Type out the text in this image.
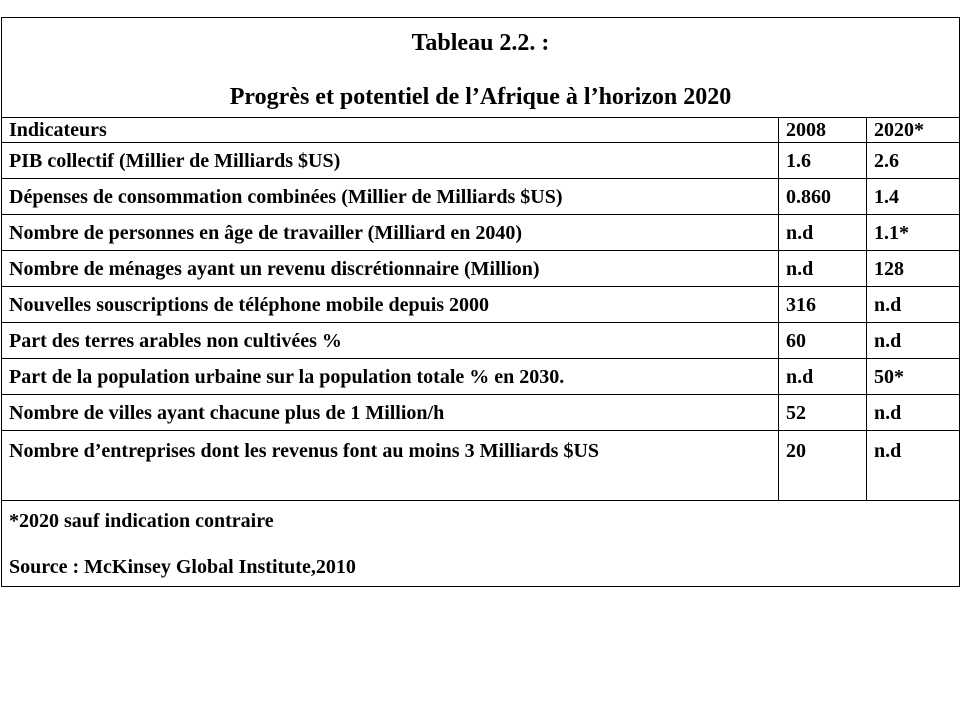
Tableau 2.2. :
Progrès et potentiel de l’Afrique à l’horizon 2020		

Indicateurs	2008	2020*
PIB collectif (Millier de Milliards $US)	1.6	2.6
Dépenses de consommation combinées (Millier de Milliards $US)	0.860	1.4
Nombre de personnes en âge de travailler (Milliard en 2040)	n.d	1.1*
Nombre de ménages ayant un revenu discrétionnaire (Million)	n.d	128
Nouvelles souscriptions de téléphone mobile depuis 2000	316	n.d
Part des terres arables non cultivées %	60	n.d
Part de la population urbaine sur la population totale % en 2030.	n.d	50*
Nombre de villes ayant chacune plus de 1 Million/h	52	n.d
Nombre d’entreprises dont les revenus font au moins 3 Milliards $US	20	n.d

*2020 sauf indication contraire
Source : McKinsey Global Institute,2010		
